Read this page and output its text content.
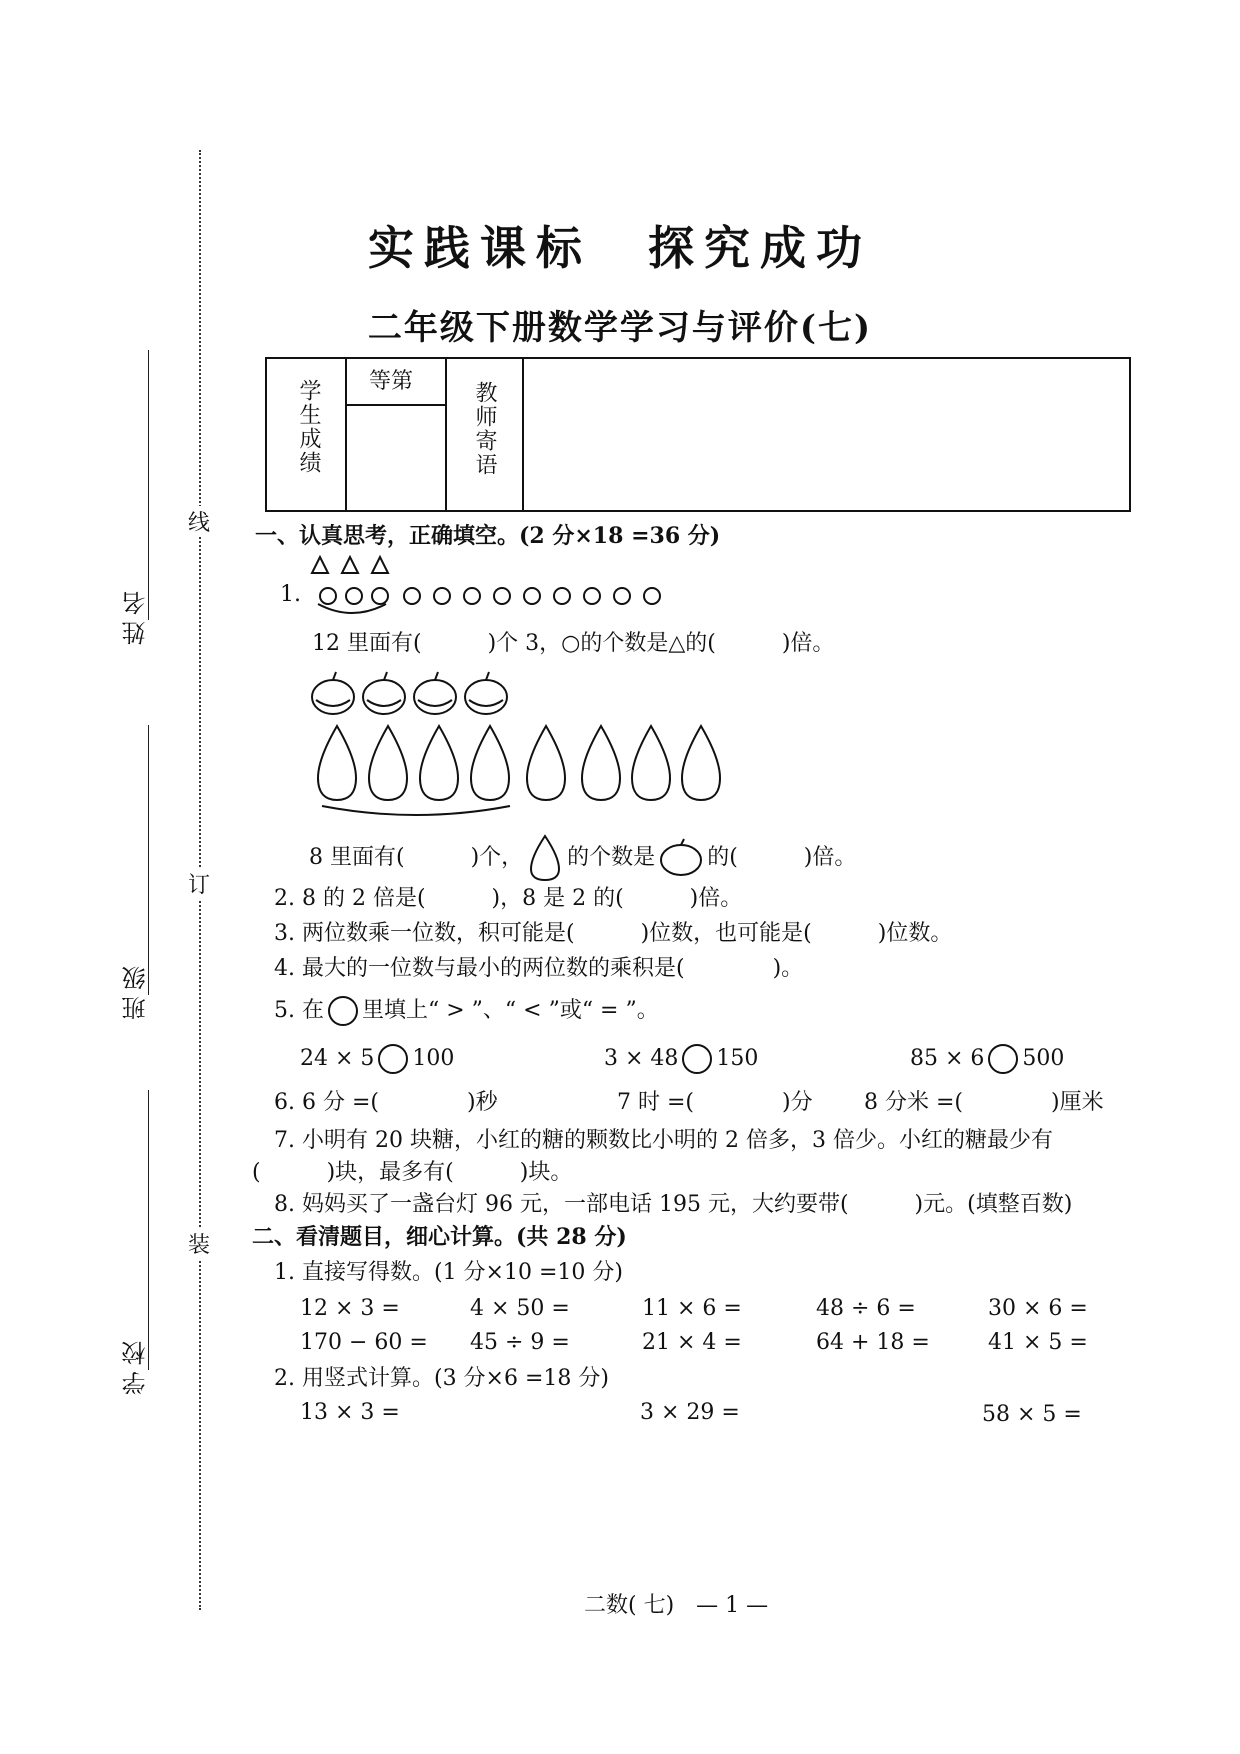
实践课标　探究成功
二年级下册数学学习与评价(七)
学生成绩 等第	教师寄语
线
订
装
姓名
班级
学校
一、认真思考，正确填空。(2 分×18 =36 分)
1.
12 里面有(　　　)个 3，○的个数是△的(　　　)倍。
8 里面有(　　　)个， 的个数是 的(　　　)倍。
2. 8 的 2 倍是(　　　)，8 是 2 的(　　　)倍。
3. 两位数乘一位数，积可能是(　　　)位数，也可能是(　　　)位数。
4. 最大的一位数与最小的两位数的乘积是(　　　　)。
5. 在 里填上“ > ”、“ < ”或“ = ”。
24 × 5 100	3 × 48 150	85 × 6 500
6. 6 分 =(　　　　)秒	7 时 =(　　　　)分 8 分米 =(　　　　)厘米
7. 小明有 20 块糖，小红的糖的颗数比小明的 2 倍多，3 倍少。小红的糖最少有
(　　　)块，最多有(　　　)块。
8. 妈妈买了一盏台灯 96 元，一部电话 195 元，大约要带(　　　)元。(填整百数)
二、看清题目，细心计算。(共 28 分)
1. 直接写得数。(1 分×10 =10 分)
12 × 3 =	4 × 50 =	11 × 6 =	48 ÷ 6 =	30 × 6 =
170 − 60 = 45 ÷ 9 =	21 × 4 =	64 + 18 =	41 × 5 =
2. 用竖式计算。(3 分×6 =18 分)
13 × 3 =	3 × 29 =	58 × 5 =
二数( 七)　— 1 —
